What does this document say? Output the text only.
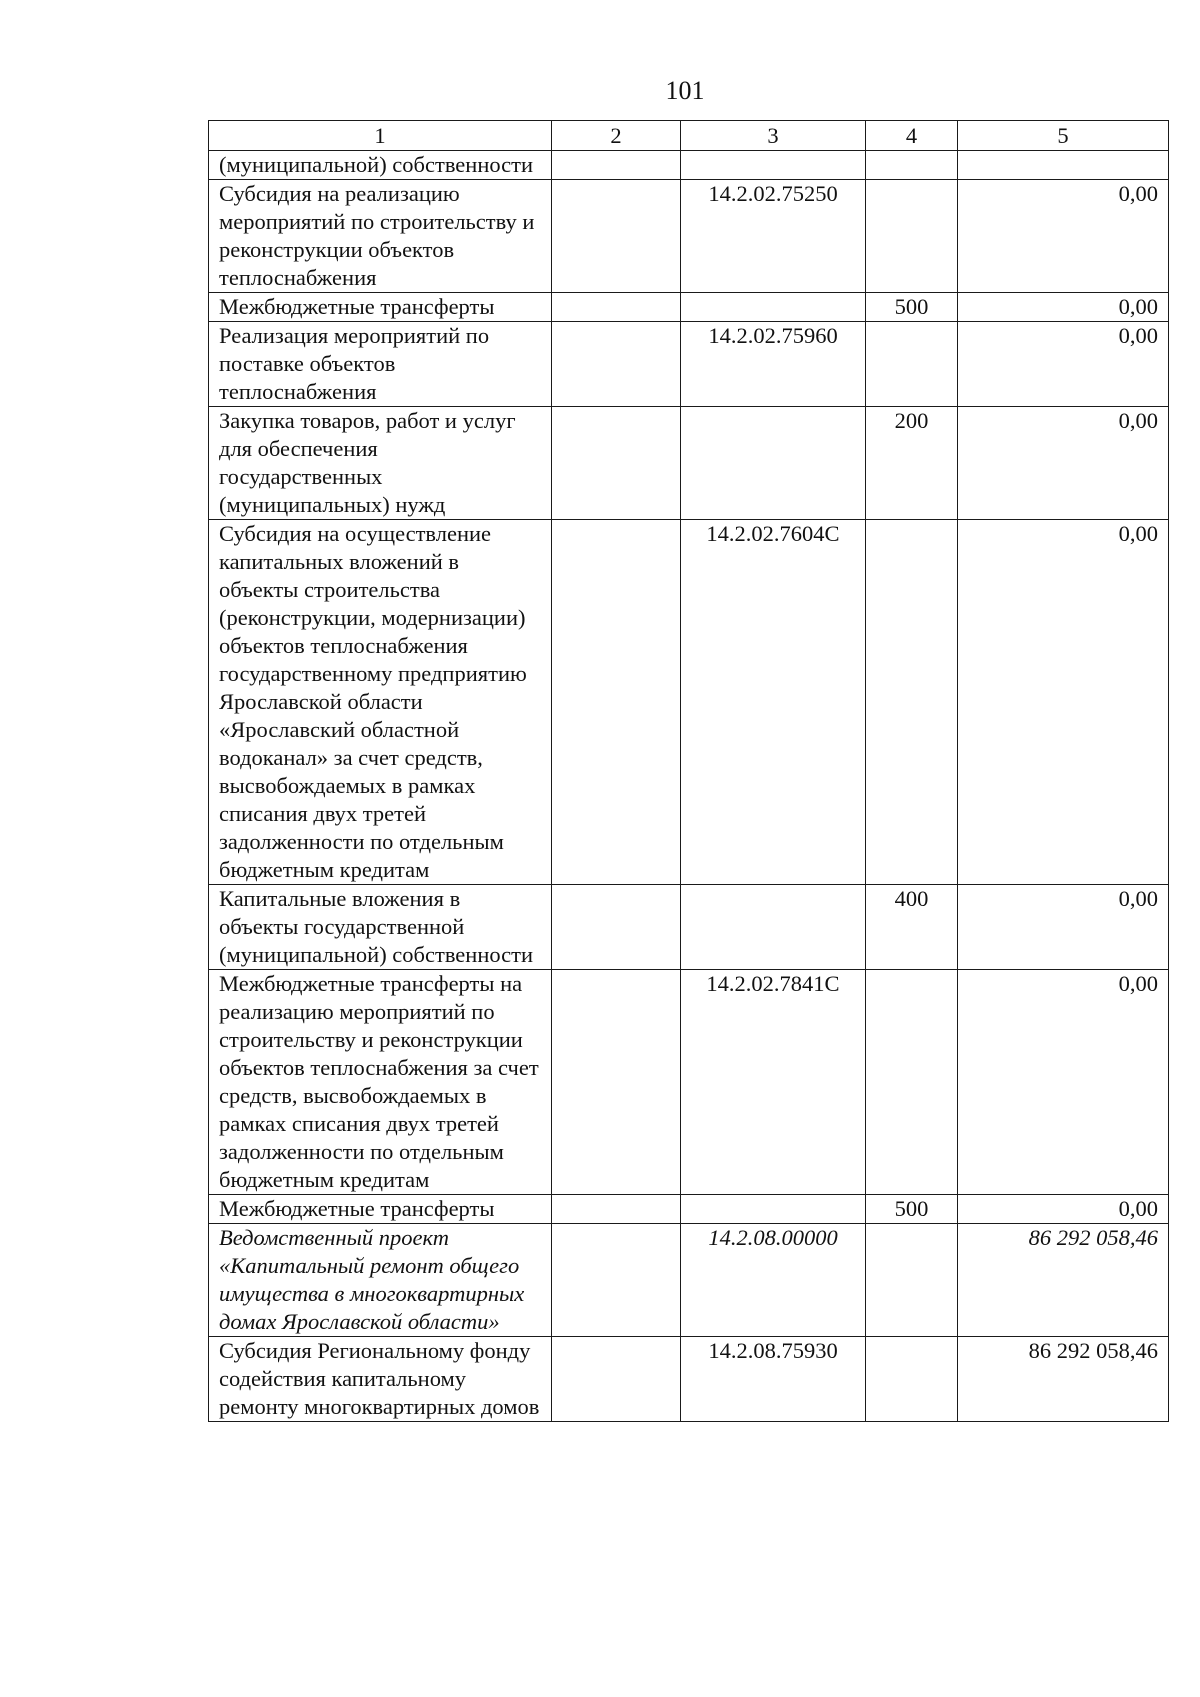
101
1	2	3	4	5
(муниципальной) собственности				
Субсидия на реализацию мероприятий по строительству и реконструкции объектов теплоснабжения		14.2.02.75250		0,00
Межбюджетные трансферты			500	0,00
Реализация мероприятий по поставке объектов теплоснабжения		14.2.02.75960		0,00
Закупка товаров, работ и услуг для обеспечения государственных (муниципальных) нужд			200	0,00
Субсидия на осуществление капитальных вложений в объекты строительства (реконструкции, модернизации) объектов теплоснабжения государственному предприятию Ярославской области «Ярославский областной водоканал» за счет средств, высвобождаемых в рамках списания двух третей задолженности по отдельным бюджетным кредитам		14.2.02.7604С		0,00
Капитальные вложения в объекты государственной (муниципальной) собственности			400	0,00
Межбюджетные трансферты на реализацию мероприятий по строительству и реконструкции объектов теплоснабжения за счет средств, высвобождаемых в рамках списания двух третей задолженности по отдельным бюджетным кредитам		14.2.02.7841С		0,00
Межбюджетные трансферты			500	0,00
Ведомственный проект «Капитальный ремонт общего имущества в многоквартирных домах Ярославской области»		14.2.08.00000		86 292 058,46
Субсидия Региональному фонду содействия капитальному ремонту многоквартирных домов		14.2.08.75930		86 292 058,46
